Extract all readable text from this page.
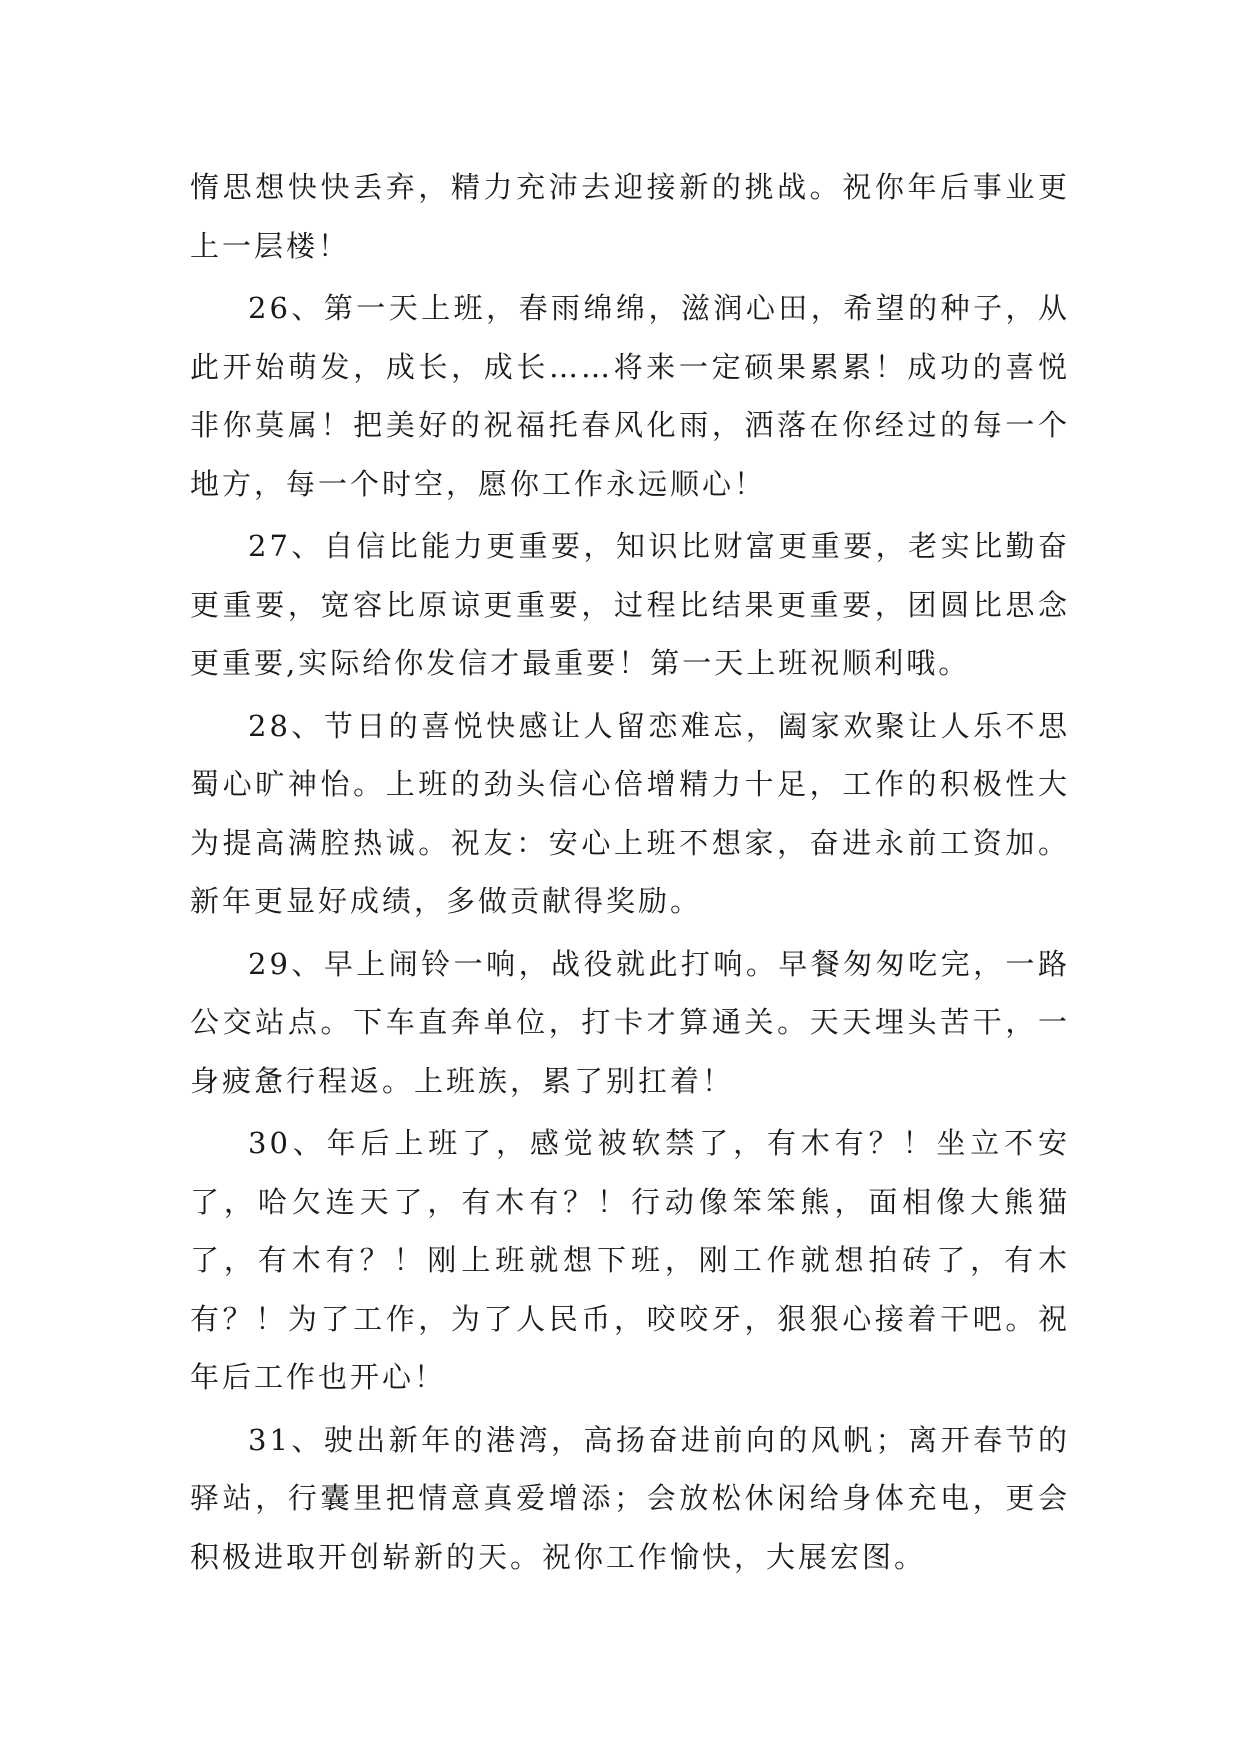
惰思想快快丢弃，精力充沛去迎接新的挑战。祝你年后事业更上一层楼！

26、第一天上班，春雨绵绵，滋润心田，希望的种子，从此开始萌发，成长，成长……将来一定硕果累累！成功的喜悦非你莫属！把美好的祝福托春风化雨，洒落在你经过的每一个地方，每一个时空，愿你工作永远顺心！

27、自信比能力更重要，知识比财富更重要，老实比勤奋更重要，宽容比原谅更重要，过程比结果更重要，团圆比思念更重要,实际给你发信才最重要！第一天上班祝顺利哦。

28、节日的喜悦快感让人留恋难忘，阖家欢聚让人乐不思蜀心旷神怡。上班的劲头信心倍增精力十足，工作的积极性大为提高满腔热诚。祝友：安心上班不想家，奋进永前工资加。新年更显好成绩，多做贡献得奖励。

29、早上闹铃一响，战役就此打响。早餐匆匆吃完，一路公交站点。下车直奔单位，打卡才算通关。天天埋头苦干，一身疲惫行程返。上班族，累了别扛着！

30、年后上班了，感觉被软禁了，有木有？！坐立不安了，哈欠连天了，有木有？！行动像笨笨熊，面相像大熊猫了，有木有？！刚上班就想下班，刚工作就想拍砖了，有木有？！为了工作，为了人民币，咬咬牙，狠狠心接着干吧。祝年后工作也开心！

31、驶出新年的港湾，高扬奋进前向的风帆；离开春节的驿站，行囊里把情意真爱增添；会放松休闲给身体充电，更会积极进取开创崭新的天。祝你工作愉快，大展宏图。
